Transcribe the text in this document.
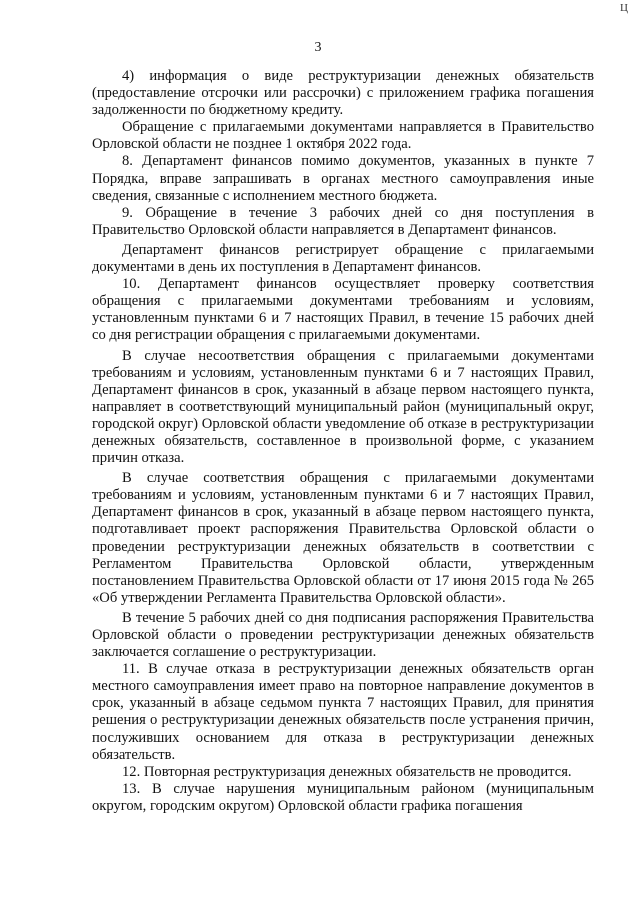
Ц
3

4) информация о виде реструктуризации денежных обязательств (предоставление отсрочки или рассрочки) с приложением графика погашения задолженности по бюджетному кредиту.

Обращение с прилагаемыми документами направляется в Правительство Орловской области не позднее 1 октября 2022 года.

8. Департамент финансов помимо документов, указанных в пункте 7 Порядка, вправе запрашивать в органах местного самоуправления иные сведения, связанные с исполнением местного бюджета.

9. Обращение в течение 3 рабочих дней со дня поступления в Правительство Орловской области направляется в Департамент финансов.

Департамент финансов регистрирует обращение с прилагаемыми документами в день их поступления в Департамент финансов.

10. Департамент финансов осуществляет проверку соответствия обращения с прилагаемыми документами требованиям и условиям, установленным пунктами 6 и 7 настоящих Правил, в течение 15 рабочих дней со дня регистрации обращения с прилагаемыми документами.

В случае несоответствия обращения с прилагаемыми документами требованиям и условиям, установленным пунктами 6 и 7 настоящих Правил, Департамент финансов в срок, указанный в абзаце первом настоящего пункта, направляет в соответствующий муниципальный район (муниципальный округ, городской округ) Орловской области уведомление об отказе в реструктуризации денежных обязательств, составленное в произвольной форме, с указанием причин отказа.

В случае соответствия обращения с прилагаемыми документами требованиям и условиям, установленным пунктами 6 и 7 настоящих Правил, Департамент финансов в срок, указанный в абзаце первом настоящего пункта, подготавливает проект распоряжения Правительства Орловской области о проведении реструктуризации денежных обязательств в соответствии с Регламентом Правительства Орловской области, утвержденным постановлением Правительства Орловской области от 17 июня 2015 года № 265 «Об утверждении Регламента Правительства Орловской области».

В течение 5 рабочих дней со дня подписания распоряжения Правительства Орловской области о проведении реструктуризации денежных обязательств заключается соглашение о реструктуризации.

11. В случае отказа в реструктуризации денежных обязательств орган местного самоуправления имеет право на повторное направление документов в срок, указанный в абзаце седьмом пункта 7 настоящих Правил, для принятия решения о реструктуризации денежных обязательств после устранения причин, послуживших основанием для отказа в реструктуризации денежных обязательств.

12. Повторная реструктуризация денежных обязательств не проводится.

13. В случае нарушения муниципальным районом (муниципальным округом, городским округом) Орловской области графика погашения
